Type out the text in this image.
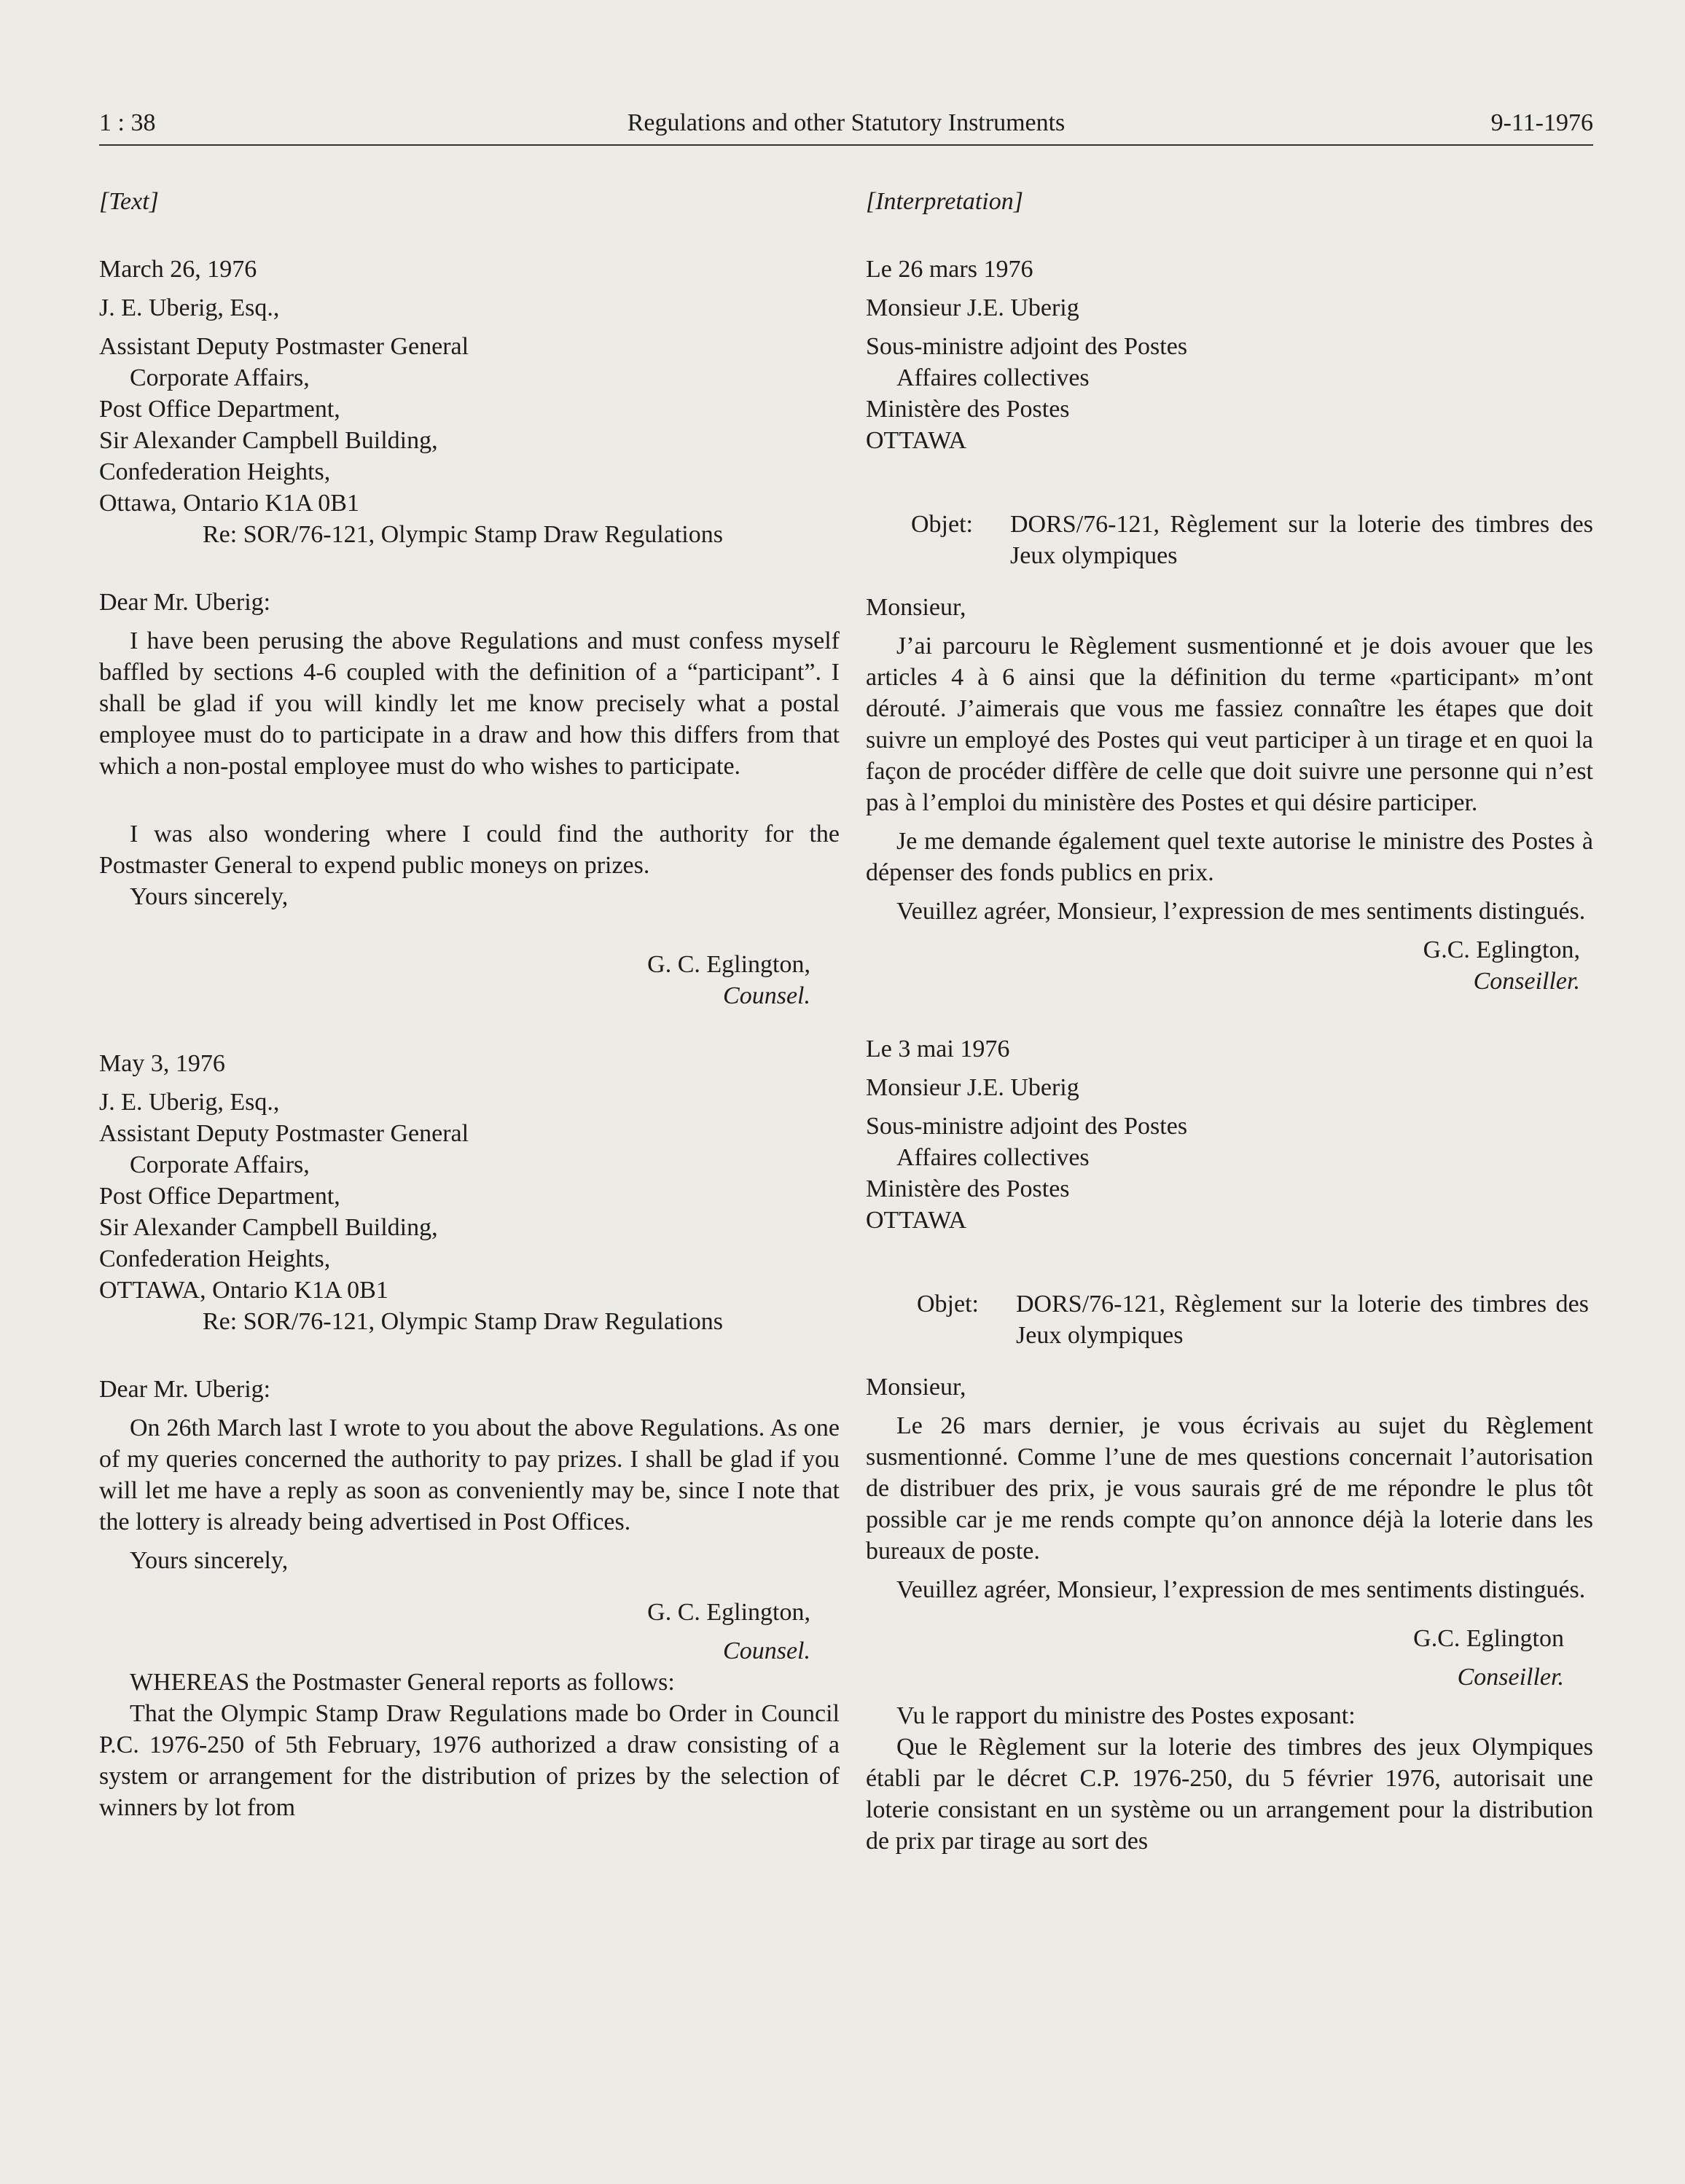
1 : 38	Regulations and other Statutory Instruments	9-11-1976

[Text]

March 26, 1976

J. E. Uberig, Esq.,

Assistant Deputy Postmaster General

Corporate Affairs,

Post Office Department,

Sir Alexander Campbell Building,

Confederation Heights,

Ottawa, Ontario K1A 0B1

Re: SOR/76-121, Olympic Stamp Draw Regulations

Dear Mr. Uberig:

I have been perusing the above Regulations and must confess myself baffled by sections 4-6 coupled with the definition of a “participant”. I shall be glad if you will kindly let me know precisely what a postal employee must do to participate in a draw and how this differs from that which a non-postal employee must do who wishes to participate.

I was also wondering where I could find the authority for the Postmaster General to expend public moneys on prizes.

Yours sincerely,

G. C. Eglington,

Counsel.

May 3, 1976

J. E. Uberig, Esq.,

Assistant Deputy Postmaster General

Corporate Affairs,

Post Office Department,

Sir Alexander Campbell Building,

Confederation Heights,

OTTAWA, Ontario K1A 0B1

Re: SOR/76-121, Olympic Stamp Draw Regulations

Dear Mr. Uberig:

On 26th March last I wrote to you about the above Regulations. As one of my queries concerned the authority to pay prizes. I shall be glad if you will let me have a reply as soon as conveniently may be, since I note that the lottery is already being advertised in Post Offices.

Yours sincerely,

G. C. Eglington,

Counsel.

WHEREAS the Postmaster General reports as follows:

That the Olympic Stamp Draw Regulations made bo Order in Council P.C. 1976-250 of 5th February, 1976 authorized a draw consisting of a system or arrangement for the distribution of prizes by the selection of winners by lot from

[Interpretation]

Le 26 mars 1976

Monsieur J.E. Uberig

Sous-ministre adjoint des Postes

Affaires collectives

Ministère des Postes

OTTAWA

Objet: DORS/76-121, Règlement sur la loterie des timbres des Jeux olympiques

Monsieur,

J’ai parcouru le Règlement susmentionné et je dois avouer que les articles 4 à 6 ainsi que la définition du terme «participant» m’ont dérouté. J’aimerais que vous me fassiez connaître les étapes que doit suivre un employé des Postes qui veut participer à un tirage et en quoi la façon de procéder diffère de celle que doit suivre une personne qui n’est pas à l’emploi du ministère des Postes et qui désire participer.

Je me demande également quel texte autorise le ministre des Postes à dépenser des fonds publics en prix.

Veuillez agréer, Monsieur, l’expression de mes sentiments distingués.

G.C. Eglington,

Conseiller.

Le 3 mai 1976

Monsieur J.E. Uberig

Sous-ministre adjoint des Postes

Affaires collectives

Ministère des Postes

OTTAWA

Objet: DORS/76-121, Règlement sur la loterie des timbres des Jeux olympiques

Monsieur,

Le 26 mars dernier, je vous écrivais au sujet du Règlement susmentionné. Comme l’une de mes questions concernait l’autorisation de distribuer des prix, je vous saurais gré de me répondre le plus tôt possible car je me rends compte qu’on annonce déjà la loterie dans les bureaux de poste.

Veuillez agréer, Monsieur, l’expression de mes sentiments distingués.

G.C. Eglington

Conseiller.

Vu le rapport du ministre des Postes exposant:

Que le Règlement sur la loterie des timbres des jeux Olympiques établi par le décret C.P. 1976-250, du 5 février 1976, autorisait une loterie consistant en un système ou un arrangement pour la distribution de prix par tirage au sort des
